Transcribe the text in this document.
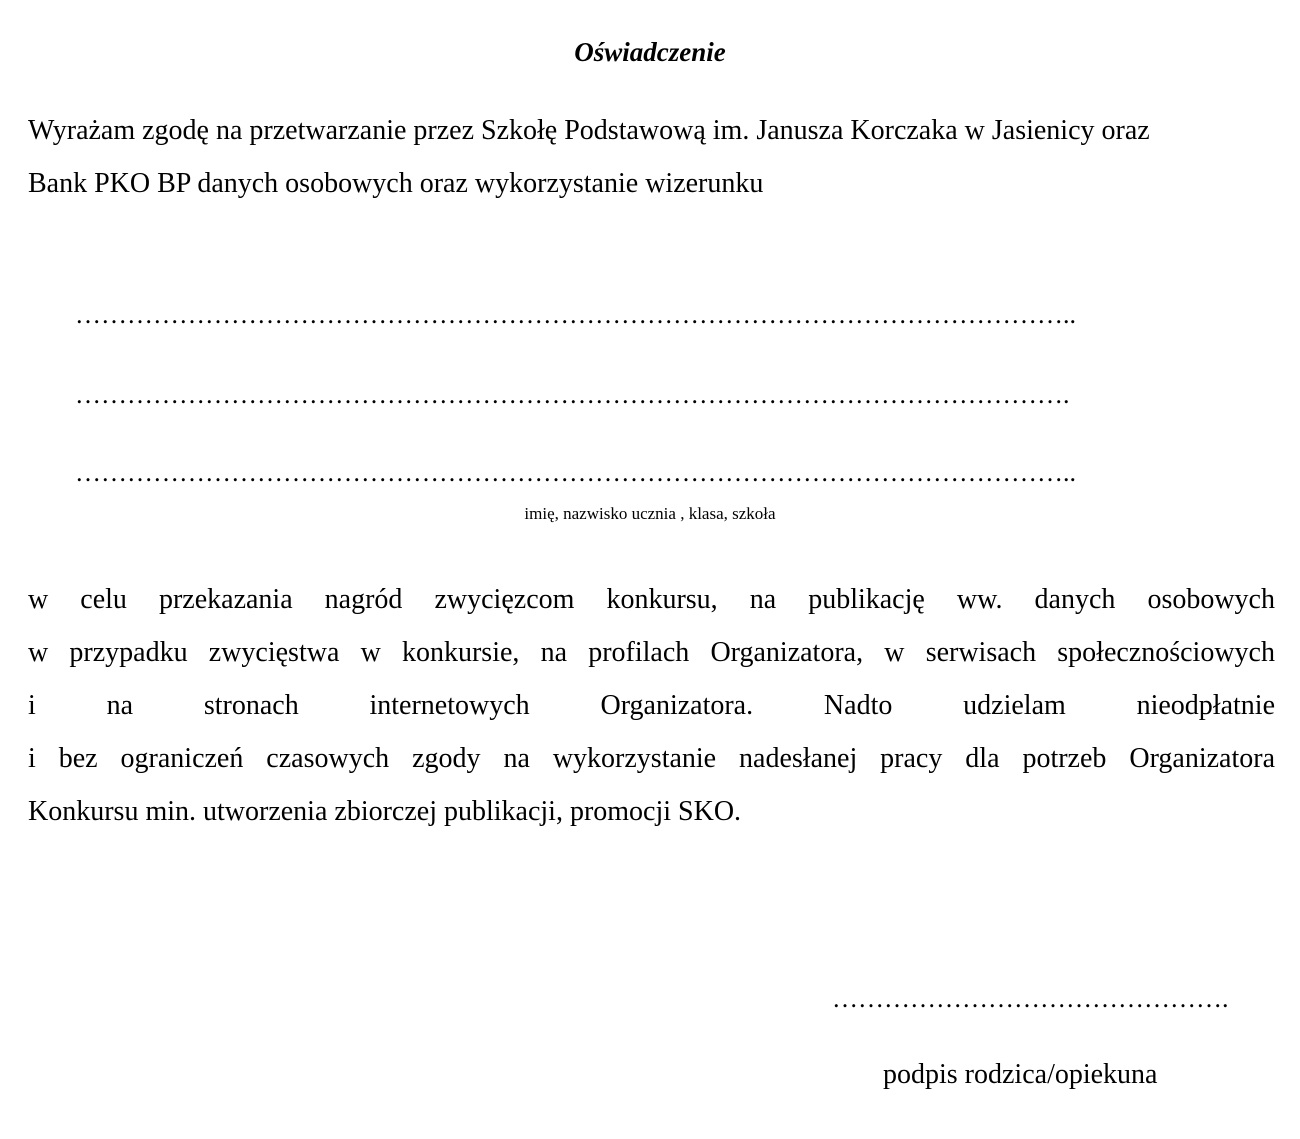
Oświadczenie
Wyrażam zgodę na przetwarzanie przez Szkołę Podstawową im. Janusza Korczaka w Jasienicy oraz
Bank PKO BP danych osobowych oraz wykorzystanie wizerunku
……………………………………………………………………………………………………..
…………………………………………………………………………………………………….
……………………………………………………………………………………………………..
imię, nazwisko ucznia , klasa, szkoła
w celu przekazania nagród zwycięzcom konkursu, na publikację ww. danych osobowych
w przypadku zwycięstwa w konkursie, na profilach Organizatora, w serwisach społecznościowych
i na stronach internetowych Organizatora. Nadto udzielam nieodpłatnie
i bez ograniczeń czasowych zgody na wykorzystanie nadesłanej pracy dla potrzeb Organizatora
Konkursu min. utworzenia zbiorczej publikacji, promocji SKO.
……………………………………….
podpis rodzica/opiekuna
